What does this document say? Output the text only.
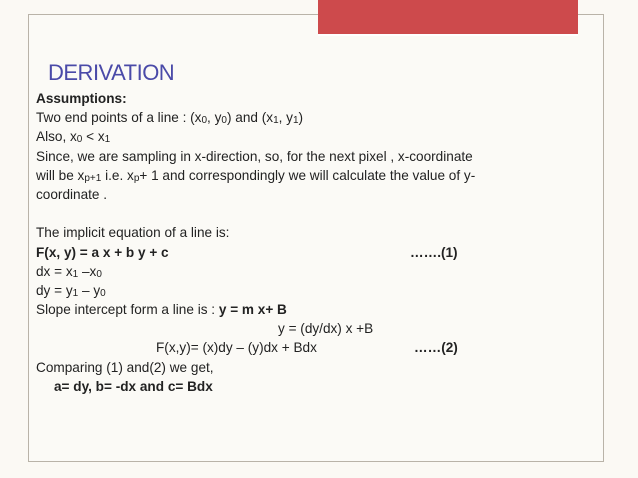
DERIVATION
Assumptions:
Two end points of a line : ($x_0$, $y_0$) and ($x_1$, $y_1$)
Also, $x_0 < x_1$
Since, we are sampling in x-direction, so, for the next pixel , x-coordinate
will be $x_{p+1}$ i.e. $x_p+ 1$ and correspondingly we will calculate the value of y-
coordinate .
The implicit equation of a line is:
F(x, y) = a x + b y + c	…….(1)
dx = $x_1$ $-x_0$
dy = $y_1 - y_0$
Slope intercept form a line is : y = m x+ B
y = (dy/dx) x +B
F(x,y)= (x)dy – (y)dx + Bdx	……(2)
Comparing (1) and(2) we get,
a= dy, b= -dx and c= Bdx
